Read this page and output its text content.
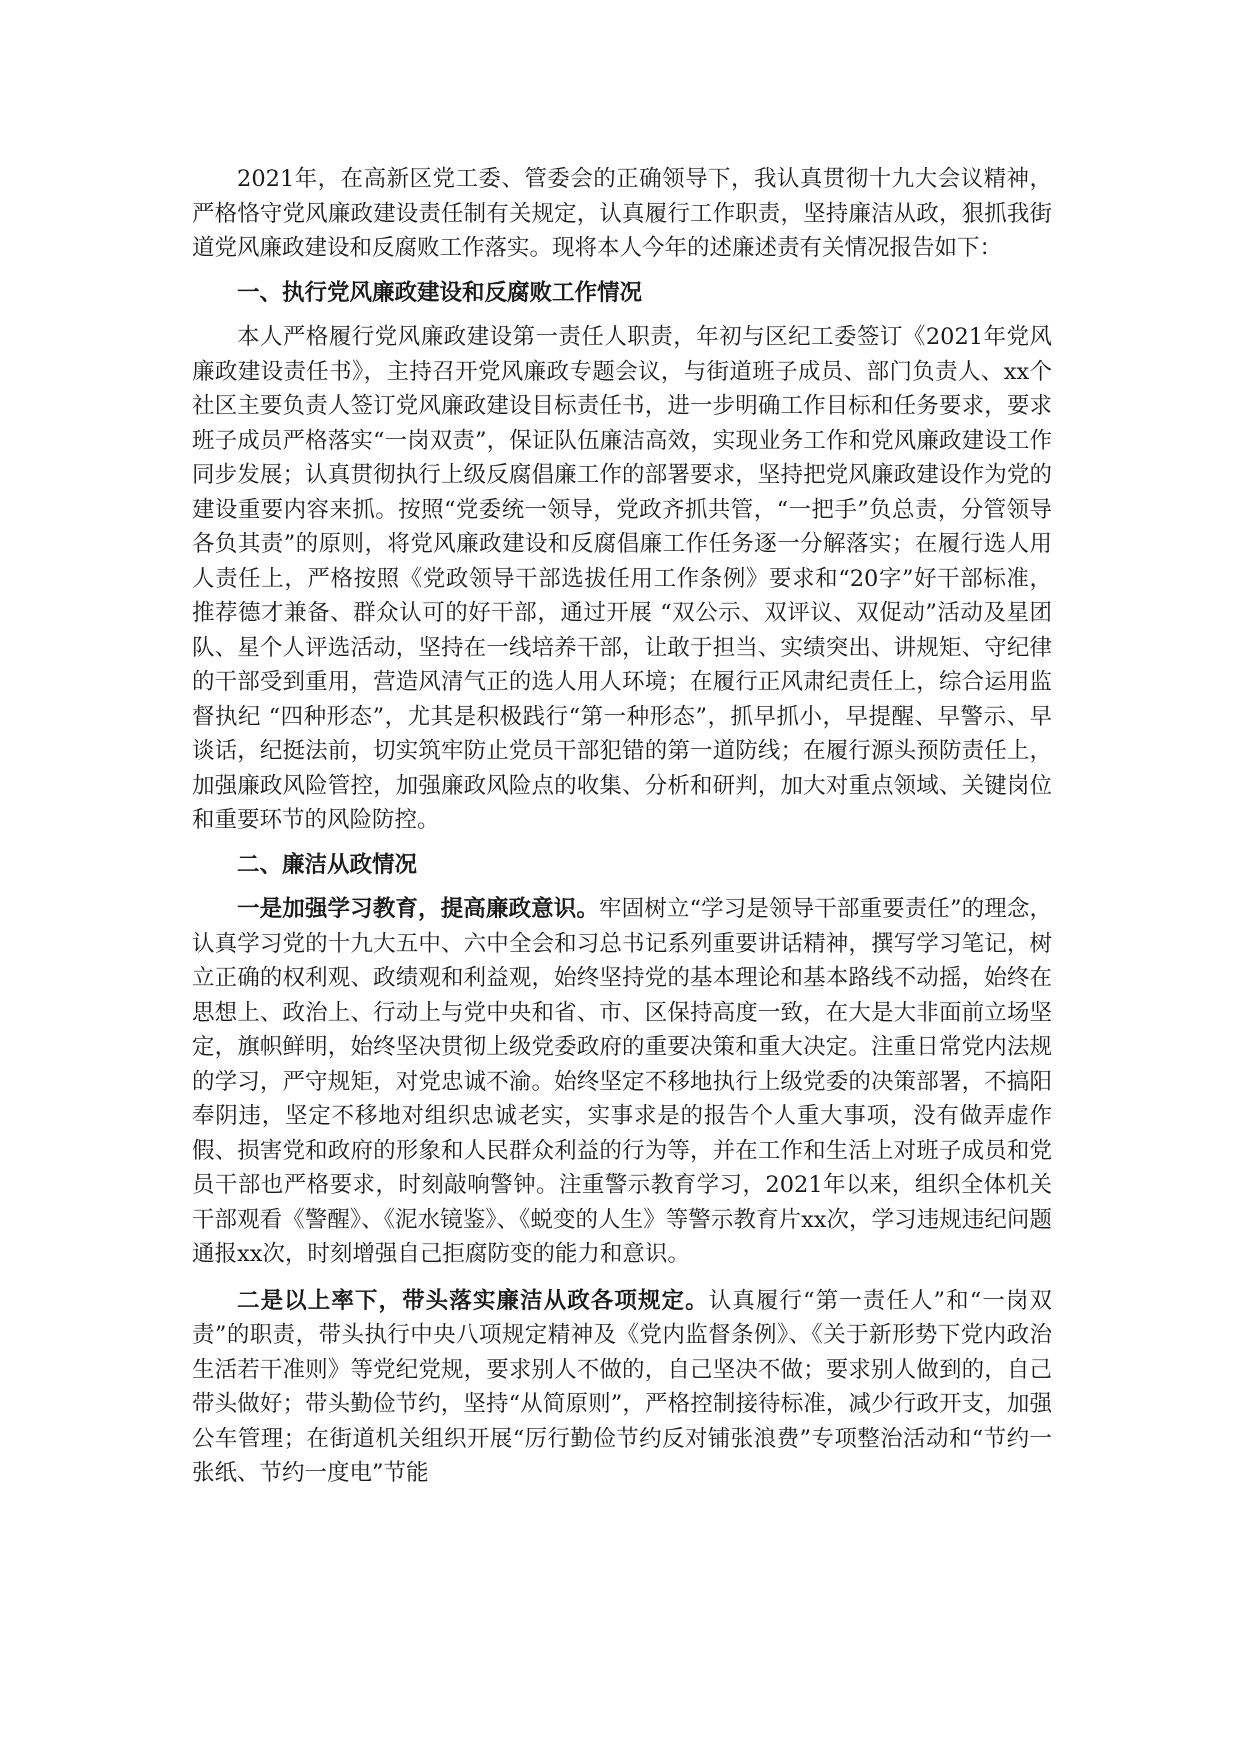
2021年，在高新区党工委、管委会的正确领导下，我认真贯彻十九大会议精神，严格恪守党风廉政建设责任制有关规定，认真履行工作职责，坚持廉洁从政，狠抓我街道党风廉政建设和反腐败工作落实。现将本人今年的述廉述责有关情况报告如下：

一、执行党风廉政建设和反腐败工作情况

本人严格履行党风廉政建设第一责任人职责，年初与区纪工委签订《2021年党风廉政建设责任书》，主持召开党风廉政专题会议，与街道班子成员、部门负责人、xx个社区主要负责人签订党风廉政建设目标责任书，进一步明确工作目标和任务要求，要求班子成员严格落实“一岗双责”，保证队伍廉洁高效，实现业务工作和党风廉政建设工作同步发展；认真贯彻执行上级反腐倡廉工作的部署要求，坚持把党风廉政建设作为党的建设重要内容来抓。按照“党委统一领导，党政齐抓共管，“一把手”负总责，分管领导各负其责”的原则，将党风廉政建设和反腐倡廉工作任务逐一分解落实；在履行选人用人责任上，严格按照《党政领导干部选拔任用工作条例》要求和“20字”好干部标准，推荐德才兼备、群众认可的好干部，通过开展 “双公示、双评议、双促动”活动及星团队、星个人评选活动，坚持在一线培养干部，让敢于担当、实绩突出、讲规矩、守纪律的干部受到重用，营造风清气正的选人用人环境；在履行正风肃纪责任上，综合运用监督执纪 “四种形态”，尤其是积极践行“第一种形态”，抓早抓小，早提醒、早警示、早谈话，纪挺法前，切实筑牢防止党员干部犯错的第一道防线；在履行源头预防责任上，加强廉政风险管控，加强廉政风险点的收集、分析和研判，加大对重点领域、关键岗位和重要环节的风险防控。

二、廉洁从政情况

一是加强学习教育，提高廉政意识。牢固树立“学习是领导干部重要责任”的理念，认真学习党的十九大五中、六中全会和习总书记系列重要讲话精神，撰写学习笔记，树立正确的权利观、政绩观和利益观，始终坚持党的基本理论和基本路线不动摇，始终在思想上、政治上、行动上与党中央和省、市、区保持高度一致，在大是大非面前立场坚定，旗帜鲜明，始终坚决贯彻上级党委政府的重要决策和重大决定。注重日常党内法规的学习，严守规矩，对党忠诚不渝。始终坚定不移地执行上级党委的决策部署，不搞阳奉阴违，坚定不移地对组织忠诚老实，实事求是的报告个人重大事项，没有做弄虚作假、损害党和政府的形象和人民群众利益的行为等，并在工作和生活上对班子成员和党员干部也严格要求，时刻敲响警钟。注重警示教育学习，2021年以来，组织全体机关干部观看《警醒》、《泥水镜鉴》、《蜕变的人生》等警示教育片xx次，学习违规违纪问题通报xx次，时刻增强自己拒腐防变的能力和意识。

二是以上率下，带头落实廉洁从政各项规定。认真履行“第一责任人”和“一岗双责”的职责，带头执行中央八项规定精神及《党内监督条例》、《关于新形势下党内政治生活若干准则》等党纪党规，要求别人不做的，自己坚决不做；要求别人做到的，自己带头做好；带头勤俭节约，坚持“从简原则”，严格控制接待标准，减少行政开支，加强公车管理；在街道机关组织开展“厉行勤俭节约反对铺张浪费”专项整治活动和“节约一张纸、节约一度电”节能
